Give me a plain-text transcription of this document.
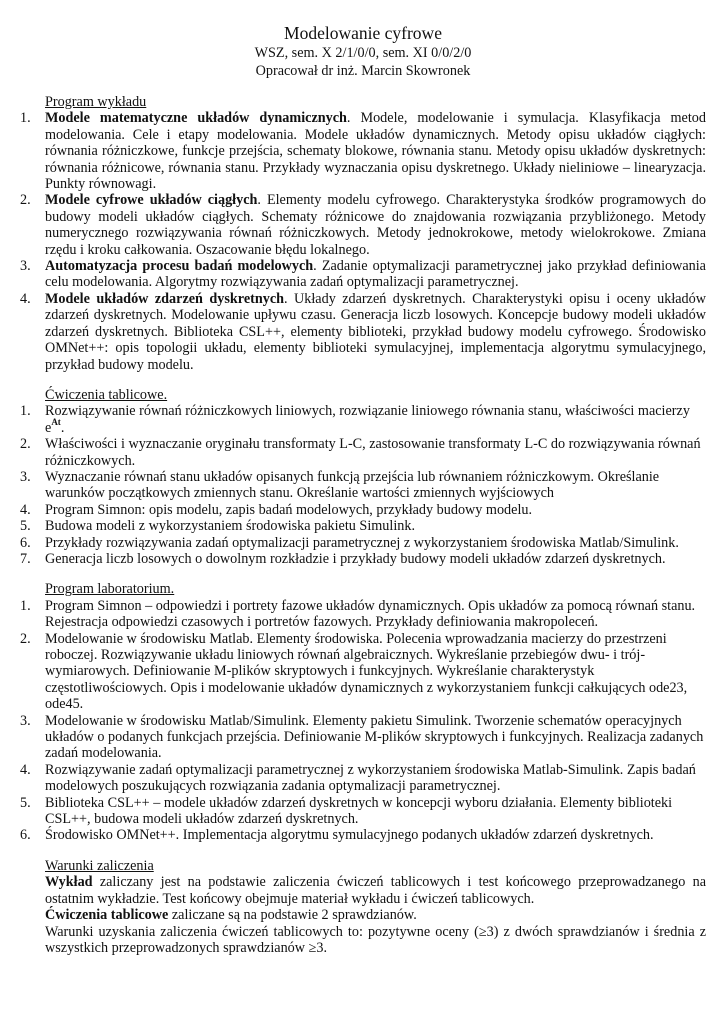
Modelowanie cyfrowe
WSZ, sem. X 2/1/0/0, sem. XI 0/0/2/0
Opracował dr inż. Marcin Skowronek
Program wykładu
1.	Modele matematyczne układów dynamicznych. Modele, modelowanie i symulacja. Klasyfikacja metod modelowania. Cele i etapy modelowania. Modele układów dynamicznych. Metody opisu układów ciągłych: równania różniczkowe, funkcje przejścia, schematy blokowe, równania stanu. Metody opisu układów dyskretnych: równania różnicowe, równania stanu. Przykłady wyznaczania opisu dyskretnego. Układy nieliniowe – linearyzacja. Punkty równowagi.
2.	Modele cyfrowe układów ciągłych. Elementy modelu cyfrowego. Charakterystyka środków programowych do budowy modeli układów ciągłych. Schematy różnicowe do znajdowania rozwiązania przybliżonego. Metody numerycznego rozwiązywania równań różniczkowych. Metody jednokrokowe, metody wielokrokowe. Zmiana rzędu i kroku całkowania. Oszacowanie błędu lokalnego.
3.	Automatyzacja procesu badań modelowych. Zadanie optymalizacji parametrycznej jako przykład definiowania celu modelowania. Algorytmy rozwiązywania zadań optymalizacji parametrycznej.
4.	Modele układów zdarzeń dyskretnych. Układy zdarzeń dyskretnych. Charakterystyki opisu i oceny układów zdarzeń dyskretnych. Modelowanie upływu czasu. Generacja liczb losowych. Koncepcje budowy modeli układów zdarzeń dyskretnych. Biblioteka CSL++, elementy biblioteki, przykład budowy modelu cyfrowego. Środowisko OMNet++: opis topologii układu, elementy biblioteki symulacyjnej, implementacja algorytmu symulacyjnego, przykład budowy modelu.
Ćwiczenia tablicowe.
1.	Rozwiązywanie równań różniczkowych liniowych, rozwiązanie liniowego równania stanu, właściwości macierzy $e^{At}$.
2.	Właściwości i wyznaczanie oryginału transformaty L-C, zastosowanie transformaty L-C do rozwiązywania równań różniczkowych.
3.	Wyznaczanie równań stanu układów opisanych funkcją przejścia lub równaniem różniczkowym. Określanie warunków początkowych zmiennych stanu. Określanie wartości zmiennych wyjściowych
4.	Program Simnon: opis modelu, zapis badań modelowych, przykłady budowy modelu.
5.	Budowa modeli z wykorzystaniem środowiska pakietu Simulink.
6.	Przykłady rozwiązywania zadań optymalizacji parametrycznej z wykorzystaniem środowiska Matlab/Simulink.
7.	Generacja liczb losowych o dowolnym rozkładzie i przykłady budowy modeli układów zdarzeń dyskretnych.
Program laboratorium.
1.	Program Simnon – odpowiedzi i portrety fazowe układów dynamicznych. Opis układów za pomocą równań stanu. Rejestracja odpowiedzi czasowych i portretów fazowych. Przykłady definiowania makropoleceń.
2.	Modelowanie w środowisku Matlab. Elementy środowiska. Polecenia wprowadzania macierzy do przestrzeni roboczej. Rozwiązywanie układu liniowych równań algebraicznych. Wykreślanie przebiegów dwu- i trój-wymiarowych. Definiowanie M-plików skryptowych i funkcyjnych. Wykreślanie charakterystyk częstotliwościowych. Opis i modelowanie układów dynamicznych z wykorzystaniem funkcji całkujących ode23, ode45.
3.	Modelowanie w środowisku Matlab/Simulink. Elementy pakietu Simulink. Tworzenie schematów operacyjnych układów o podanych funkcjach przejścia. Definiowanie M-plików skryptowych i funkcyjnych. Realizacja zadanych zadań modelowania.
4.	Rozwiązywanie zadań optymalizacji parametrycznej z wykorzystaniem środowiska Matlab-Simulink. Zapis badań modelowych poszukujących rozwiązania zadania optymalizacji parametrycznej.
5.	Biblioteka CSL++ – modele układów zdarzeń dyskretnych w koncepcji wyboru działania. Elementy biblioteki CSL++, budowa modeli układów zdarzeń dyskretnych.
6.	Środowisko OMNet++. Implementacja algorytmu symulacyjnego podanych układów zdarzeń dyskretnych.
Warunki zaliczenia
Wykład zaliczany jest na podstawie zaliczenia ćwiczeń tablicowych i test końcowego przeprowadzanego na ostatnim wykładzie. Test końcowy obejmuje materiał wykładu i ćwiczeń tablicowych.
Ćwiczenia tablicowe zaliczane są na podstawie 2 sprawdzianów.
Warunki uzyskania zaliczenia ćwiczeń tablicowych to: pozytywne oceny (≥3) z dwóch sprawdzianów i średnia z wszystkich przeprowadzonych sprawdzianów ≥3.
